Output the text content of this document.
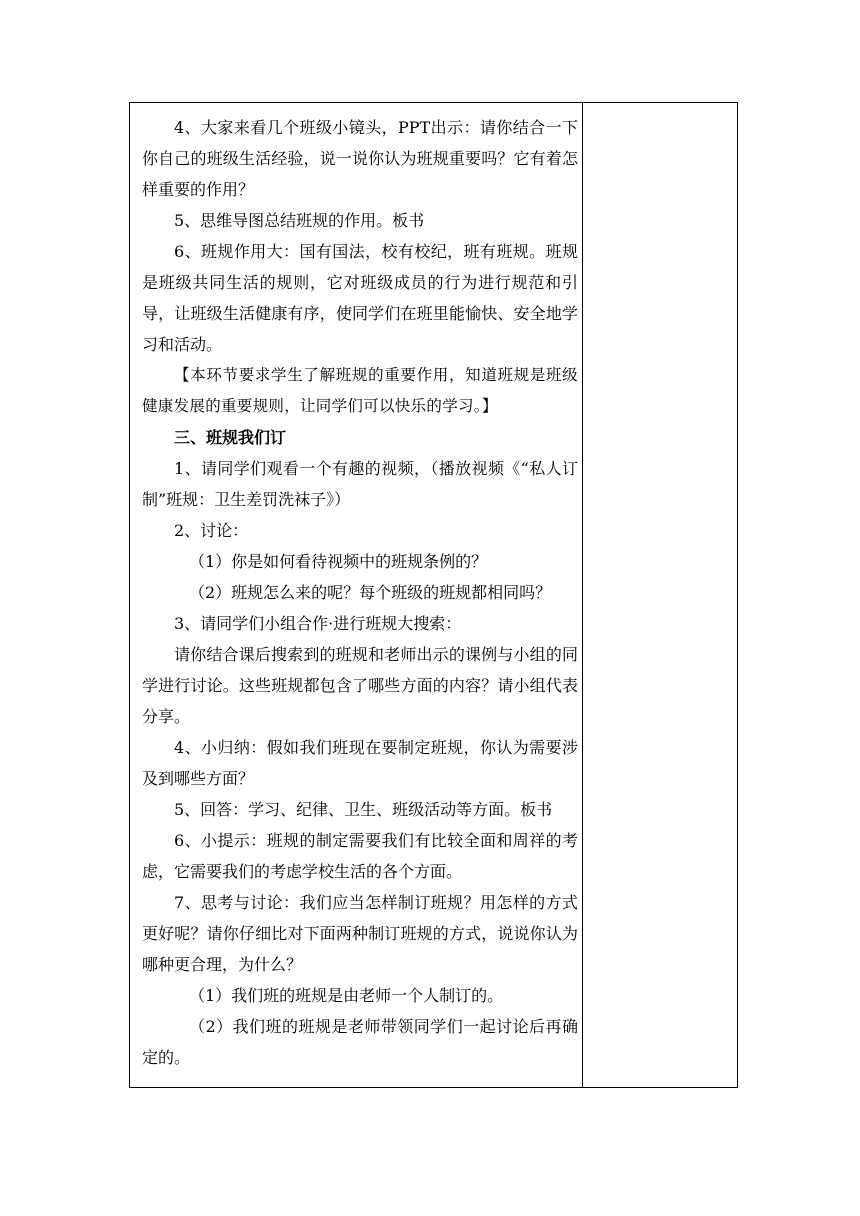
4、大家来看几个班级小镜头，PPT出示：请你结合一下你自己的班级生活经验，说一说你认为班规重要吗？它有着怎样重要的作用？

5、思维导图总结班规的作用。板书

6、班规作用大：国有国法，校有校纪，班有班规。班规是班级共同生活的规则，它对班级成员的行为进行规范和引导，让班级生活健康有序，使同学们在班里能愉快、安全地学习和活动。

【本环节要求学生了解班规的重要作用，知道班规是班级健康发展的重要规则，让同学们可以快乐的学习。】

三、班规我们订

1、请同学们观看一个有趣的视频，（播放视频《“私人订制”班规：卫生差罚洗袜子》）

2、讨论：

（1）你是如何看待视频中的班规条例的？

（2）班规怎么来的呢？每个班级的班规都相同吗？

3、请同学们小组合作·进行班规大搜索：

请你结合课后搜索到的班规和老师出示的课例与小组的同学进行讨论。这些班规都包含了哪些方面的内容？请小组代表分享。

4、小归纳：假如我们班现在要制定班规，你认为需要涉及到哪些方面？

5、回答：学习、纪律、卫生、班级活动等方面。板书

6、小提示：班规的制定需要我们有比较全面和周祥的考虑，它需要我们的考虑学校生活的各个方面。

7、思考与讨论：我们应当怎样制订班规？用怎样的方式更好呢？请你仔细比对下面两种制订班规的方式，说说你认为哪种更合理，为什么？

（1）我们班的班规是由老师一个人制订的。

（2）我们班的班规是老师带领同学们一起讨论后再确定的。
